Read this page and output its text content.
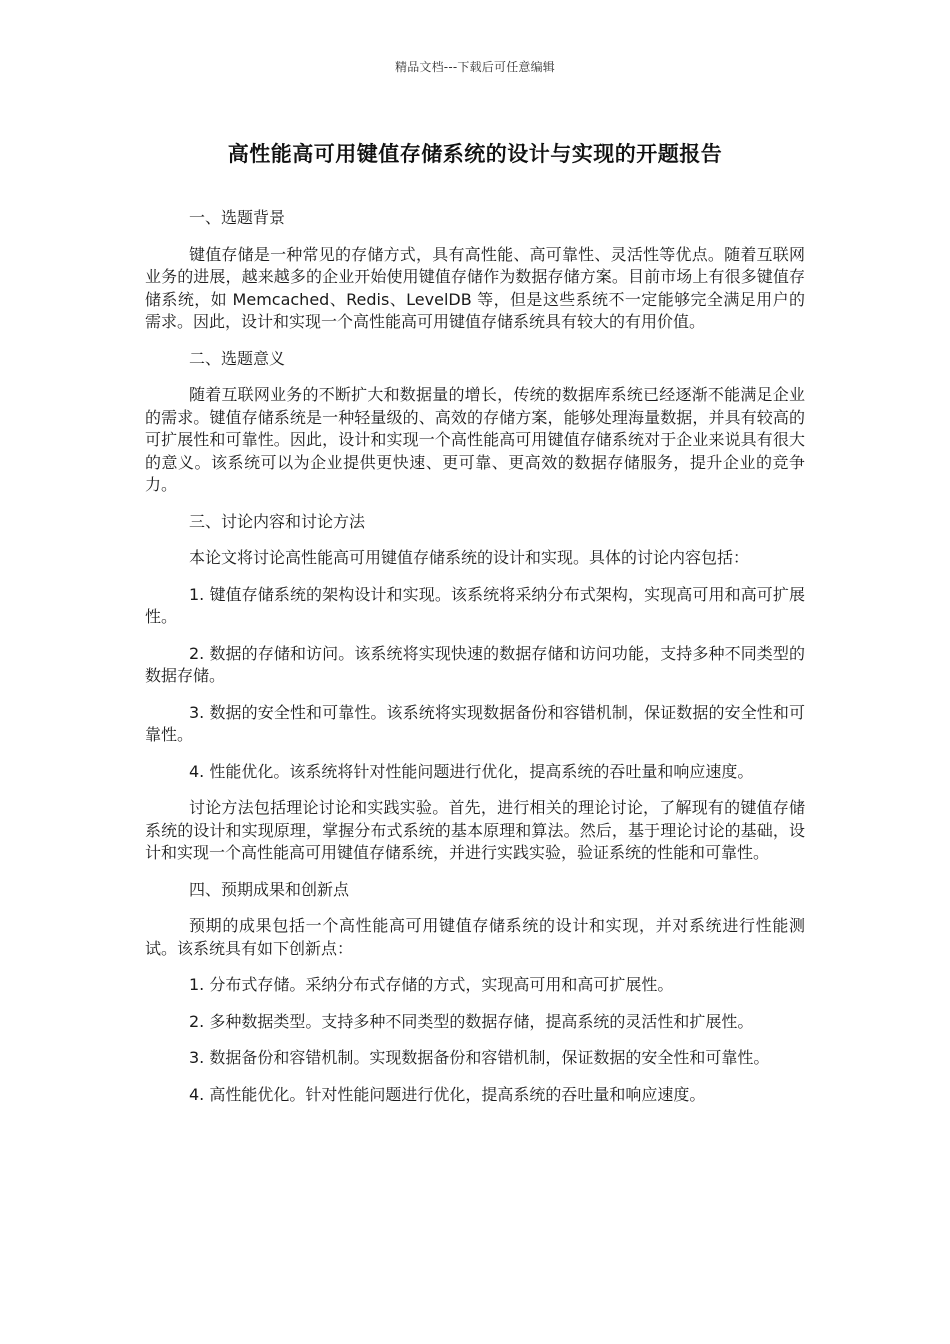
精品文档---下载后可任意编辑
高性能高可用键值存储系统的设计与实现的开题报告
一、选题背景

键值存储是一种常见的存储方式，具有高性能、高可靠性、灵活性等优点。随着互联网业务的进展，越来越多的企业开始使用键值存储作为数据存储方案。目前市场上有很多键值存储系统，如 Memcached、Redis、LevelDB 等，但是这些系统不一定能够完全满足用户的需求。因此，设计和实现一个高性能高可用键值存储系统具有较大的有用价值。

二、选题意义

随着互联网业务的不断扩大和数据量的增长，传统的数据库系统已经逐渐不能满足企业的需求。键值存储系统是一种轻量级的、高效的存储方案，能够处理海量数据，并具有较高的可扩展性和可靠性。因此，设计和实现一个高性能高可用键值存储系统对于企业来说具有很大的意义。该系统可以为企业提供更快速、更可靠、更高效的数据存储服务，提升企业的竞争力。

三、讨论内容和讨论方法

本论文将讨论高性能高可用键值存储系统的设计和实现。具体的讨论内容包括：

1. 键值存储系统的架构设计和实现。该系统将采纳分布式架构，实现高可用和高可扩展性。

2. 数据的存储和访问。该系统将实现快速的数据存储和访问功能，支持多种不同类型的数据存储。

3. 数据的安全性和可靠性。该系统将实现数据备份和容错机制，保证数据的安全性和可靠性。

4. 性能优化。该系统将针对性能问题进行优化，提高系统的吞吐量和响应速度。

讨论方法包括理论讨论和实践实验。首先，进行相关的理论讨论，了解现有的键值存储系统的设计和实现原理，掌握分布式系统的基本原理和算法。然后，基于理论讨论的基础，设计和实现一个高性能高可用键值存储系统，并进行实践实验，验证系统的性能和可靠性。

四、预期成果和创新点

预期的成果包括一个高性能高可用键值存储系统的设计和实现，并对系统进行性能测试。该系统具有如下创新点：

1. 分布式存储。采纳分布式存储的方式，实现高可用和高可扩展性。

2. 多种数据类型。支持多种不同类型的数据存储，提高系统的灵活性和扩展性。

3. 数据备份和容错机制。实现数据备份和容错机制，保证数据的安全性和可靠性。

4. 高性能优化。针对性能问题进行优化，提高系统的吞吐量和响应速度。
